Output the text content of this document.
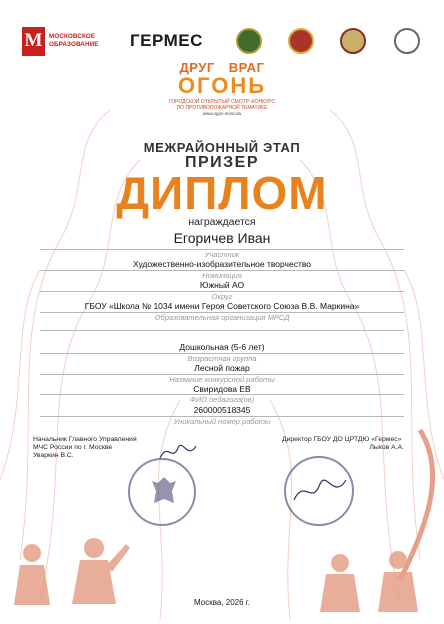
М	МОСКОВСКОЕ
ОБРАЗОВАНИЕ ГЕРМЕС
ДРУГ ВРАГ
ОГОНЬ
ГОРОДСКОЙ ОТКРЫТЫЙ СМОТР–КОНКУРС
ПО ПРОТИВОПОЖАРНОЙ ТЕМАТИКЕ
www.ogon.moscow
МЕЖРАЙОННЫЙ ЭТАП
ПРИЗЕР
ДИПЛОМ
награждается
Егоричев Иван
Участник
Художественно-изобразительное творчество
Номинация
Южный АО
Округ
ГБОУ «Школа № 1034 имени Героя Советского Союза В.В. Маркина»
Образовательная организация МРСД
Дошкольная (5-6 лет)
Возрастная группа
Лесной пожар
Название конкурсной работы
Свиридова ЕВ
ФИО педагога(ов)
260000518345
Уникальный номер работы
Начальник Главного Управления
МЧС России по г. Москве
Уваркин В.С.
Директор ГБОУ ДО ЦРТДЮ «Гермес»
Лыков А.А.
Москва, 2026 г.
